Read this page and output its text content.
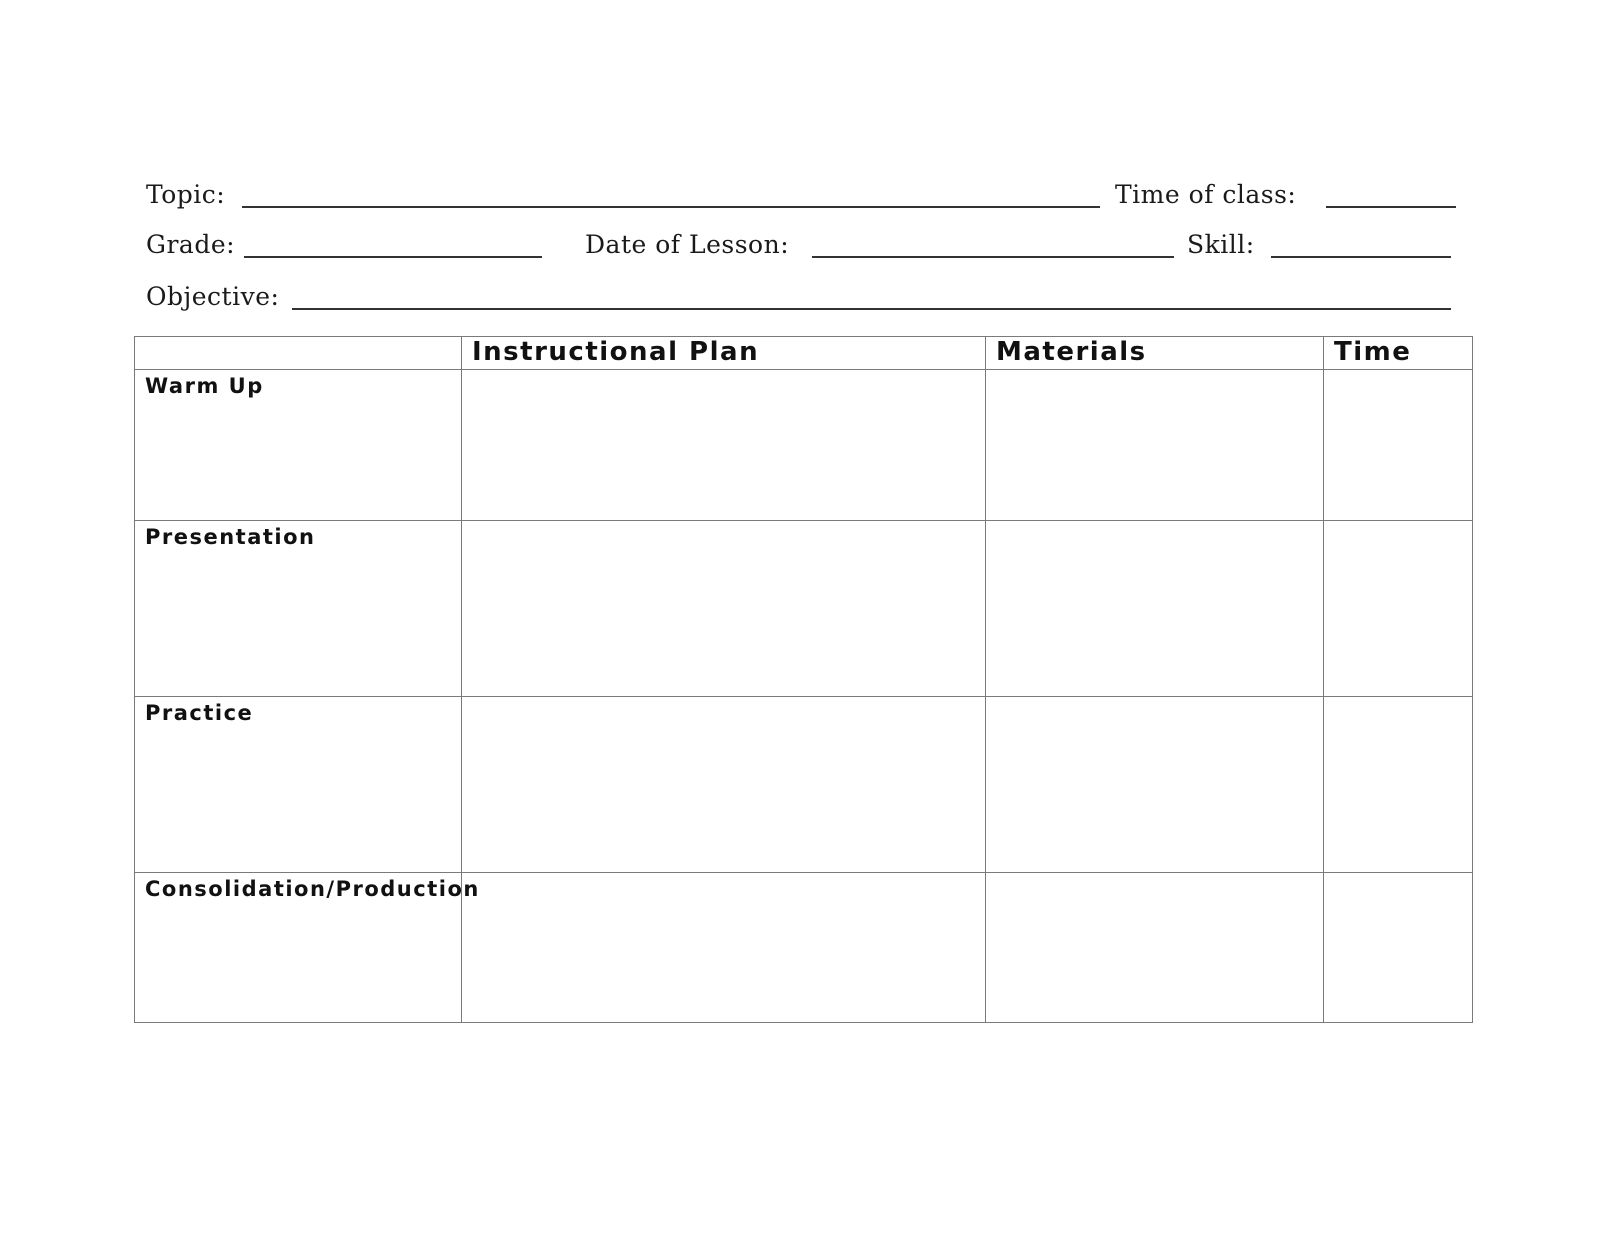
Topic:	Time of class:
Grade:	Date of Lesson:	Skill:
Objective:
	Instructional Plan	Materials	Time
Warm Up			
Presentation			
Practice			
Consolidation/Production			
